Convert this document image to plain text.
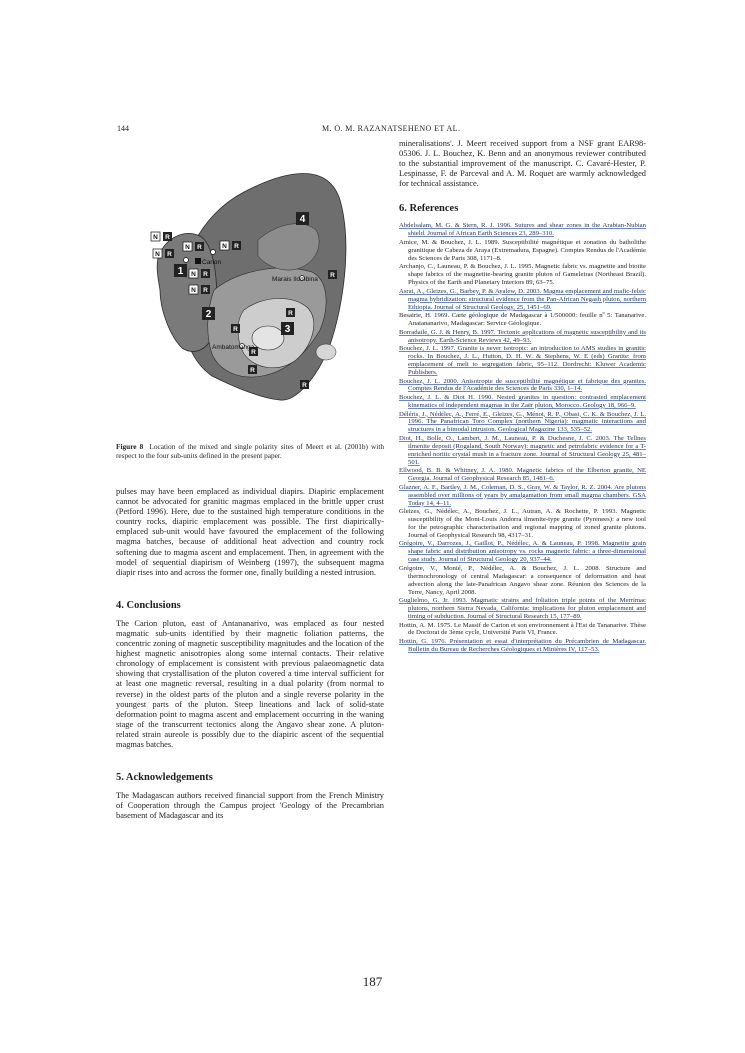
144	M. O. M. RAZANATSEHENO ET AL.
1
2
3
4
N R
N R
N R	N R
N R
N R
R
R
R
R
R
R
Carion
Marais Ilombina
Ambatomanga
Figure 8 Location of the mixed and single polarity sites of Meert et al. (2001b) with respect to the four sub-units defined in the present paper.

pulses may have been emplaced as individual diapirs. Diapiric emplacement cannot be advocated for granitic magmas emplaced in the brittle upper crust (Petford 1996). Here, due to the sustained high temperature conditions in the country rocks, diapiric emplacement was possible. The first diapirically-emplaced sub-unit would have favoured the emplacement of the following magma batches, because of additional heat advection and country rock softening due to magma ascent and emplacement. Then, in agreement with the model of sequential diapirism of Weinberg (1997), the subsequent magma diapir rises into and across the former one, finally building a nested intrusion.

4. Conclusions

The Carion pluton, east of Antananarivo, was emplaced as four nested magmatic sub-units identified by their magnetic foliation patterns, the concentric zoning of magnetic susceptibility magnitudes and the location of the highest magnetic anisotropies along some internal contacts. Their relative chronology of emplacement is consistent with previous palaeomagnetic data showing that crystallisation of the pluton covered a time interval sufficient for at least one magnetic reversal, resulting in a dual polarity (from normal to reverse) in the oldest parts of the pluton and a single reverse polarity in the youngest parts of the pluton. Steep lineations and lack of solid-state deformation point to magma ascent and emplacement occurring in the waning stage of the transcurrent tectonics along the Angavo shear zone. A pluton-related strain aureole is possibly due to the diapiric ascent of the sequential magmas batches.

5. Acknowledgements

The Madagascan authors received financial support from the French Ministry of Cooperation through the Campus project 'Geology of the Precambrian basement of Madagascar and its

mineralisations'. J. Meert received support from a NSF grant EAR98-05306. J. L. Bouchez, K. Benn and an anonymous reviewer contributed to the substantial improvement of the manuscript. C. Cavaré-Hester, P. Lespinasse, F. de Parceval and A. M. Roquet are warmly acknowledged for technical assistance.

6. References

Abdelsalam, M. G. & Stern, R. J. 1996. Sutures and shear zones in the Arabian-Nubian shield. Journal of African Earth Sciences 23, 289–310.

Amice, M. & Bouchez, J. L. 1989. Susceptibilité magnétique et zonation du batholithe granitique de Cabeza de Araya (Extremadura, Espagne). Comptes Rendus de l'Académie des Sciences de Paris 308, 1171–8.

Archanjo, C., Launeau, P. & Bouchez, J. L. 1995. Magnetic fabric vs. magnetite and biotite shape fabrics of the magnetite-bearing granite pluton of Gameleiras (Northeast Brazil). Physics of the Earth and Planetary Interiors 89, 63–75.

Asrat, A., Gleizes, G., Barbey, P. & Ayalew, D. 2003. Magma emplacement and mafic-felsic magma hybridization: structural evidence from the Pan-African Negash pluton, northern Ethiopia. Journal of Structural Geology, 25, 1451–69.

Besairie, H. 1969. Carte géologique de Madagascar à 1/500000: feuille nº 5: Tananarive. Anatananarivo, Madagascar: Service Géologique.

Borradaile, G. J. & Henry, B. 1997. Tectonic applications of magnetic susceptibility and its anisotropy. Earth-Science Reviews 42, 49–93.

Bouchez, J. L. 1997. Granite is never isotropic: an introduction to AMS studies in granitic rocks. In Bouchez, J. L., Hutton, D. H. W. & Stephens, W. E (eds) Granite: from emplacement of melt to segregation fabric, 95–112. Dordrecht: Kluwer Academic Publishers.

Bouchez, J. L. 2000. Anisotropie de susceptibilité magnétique et fabrique des granites. Comptes Rendus de l'Académie des Sciences de Paris 330, 1–14.

Bouchez, J. L. & Diot H. 1990. Nested granites in question: contrasted emplacement kinematics of independent magmas in the Zaër pluton, Morocco. Geology 18, 966–9.

Déléris, J., Nédélec, A., Ferré, E., Gleizes, G., Ménot, R. P., Obasi, C. K. & Bouchez, J. L. 1996. The Panafrican Toro Complex (northern Nigeria): magmatic interactions and structures in a bimodal intrusion. Geological Magazine 133, 535–52.

Diot, H., Bolle, O., Lambert, J. M., Launeau, P. & Duchesne, J. C. 2003. The Tellnes ilmenite deposit (Rogaland, South Norway): magnetic and petrofabric evidence for a T-enriched noritic crystal mush in a fracture zone. Journal of Structural Geology 25, 481–501.

Ellwood, B. B. & Whitney, J. A. 1980. Magnetic fabrics of the Elberton granite, NE Georgia. Journal of Geophysical Research 85, 1481–6.

Glazner, A. F., Bartley, J. M., Coleman, D. S., Gray, W. & Taylor, R. Z. 2004. Are plutons assembled over millions of years by amalgamation from small magma chambers. GSA Today 14, 4–11.

Gleizes, G., Nédélec, A., Bouchez, J. L., Autran, A. & Rochette, P. 1993. Magnetic susceptibility of the Mont-Louis Andorra ilmenite-type granite (Pyrenees): a new tool for the petrographic characterisation and regional mapping of zoned granite plutons. Journal of Geophysical Research 98, 4317–31.

Grégoire, V., Darrozes, J., Gaillot, P., Nédélec, A. & Launeau, P. 1998. Magnetite grain shape fabric and distribution anisotropy vs. rocks magnetic fabric: a three-dimensional case study. Journal of Structural Geology 20, 937–44.

Grégoire, V., Monié, P., Nédélec, A. & Bouchez, J. L. 2008. Structure and thermochronology of central Madagascar: a consequence of deformation and heat advection along the late-Panafrican Angavo shear zone. Réunion des Sciences de la Terre, Nancy, April 2008.

Guglielmo, G. Jr. 1993. Magmatic strains and foliation triple points of the Merrimac plutons, northern Sierra Nevada, California: implications for pluton emplacement and timing of subduction. Journal of Structural Research 15, 177–89.

Hottin, A. M. 1975. Le Massif de Carion et son environnement à l'Est de Tananarive. Thèse de Doctorat de 3ème cycle, Université Paris VI, France.

Hottin, G. 1976. Présentation et essai d'interprétation du Précambrien de Madagascar. Bulletin du Bureau de Recherches Géologiques et Minières IV, 117–53.

187
